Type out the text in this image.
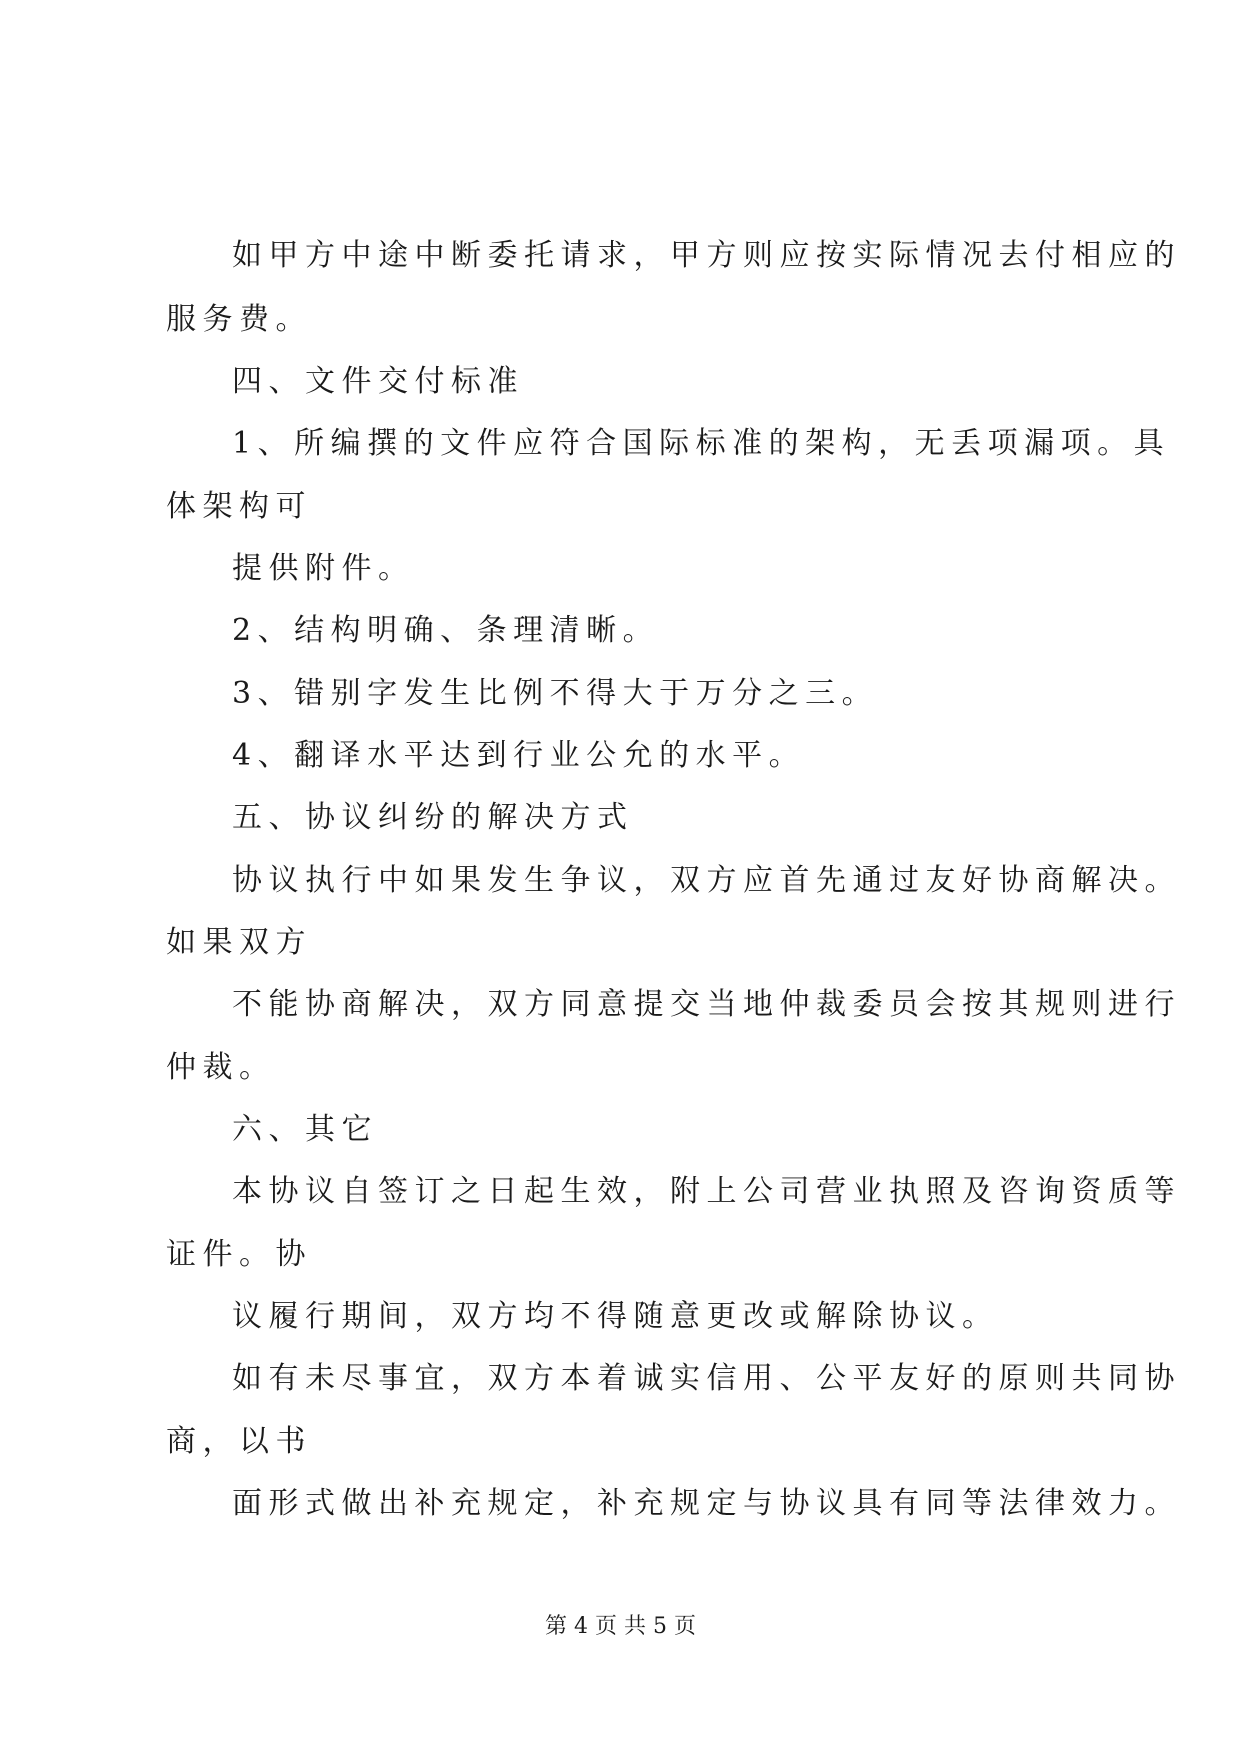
如甲方中途中断委托请求，甲方则应按实际情况去付相应的
服务费。
四、文件交付标准
1、所编撰的文件应符合国际标准的架构，无丢项漏项。具
体架构可
提供附件。
2、结构明确、条理清晰。
3、错别字发生比例不得大于万分之三。
4、翻译水平达到行业公允的水平。
五、协议纠纷的解决方式
协议执行中如果发生争议，双方应首先通过友好协商解决。
如果双方
不能协商解决，双方同意提交当地仲裁委员会按其规则进行
仲裁。
六、其它
本协议自签订之日起生效，附上公司营业执照及咨询资质等
证件。协
议履行期间，双方均不得随意更改或解除协议。
如有未尽事宜，双方本着诚实信用、公平友好的原则共同协
商，以书
面形式做出补充规定，补充规定与协议具有同等法律效力。
第 4 页 共 5 页
